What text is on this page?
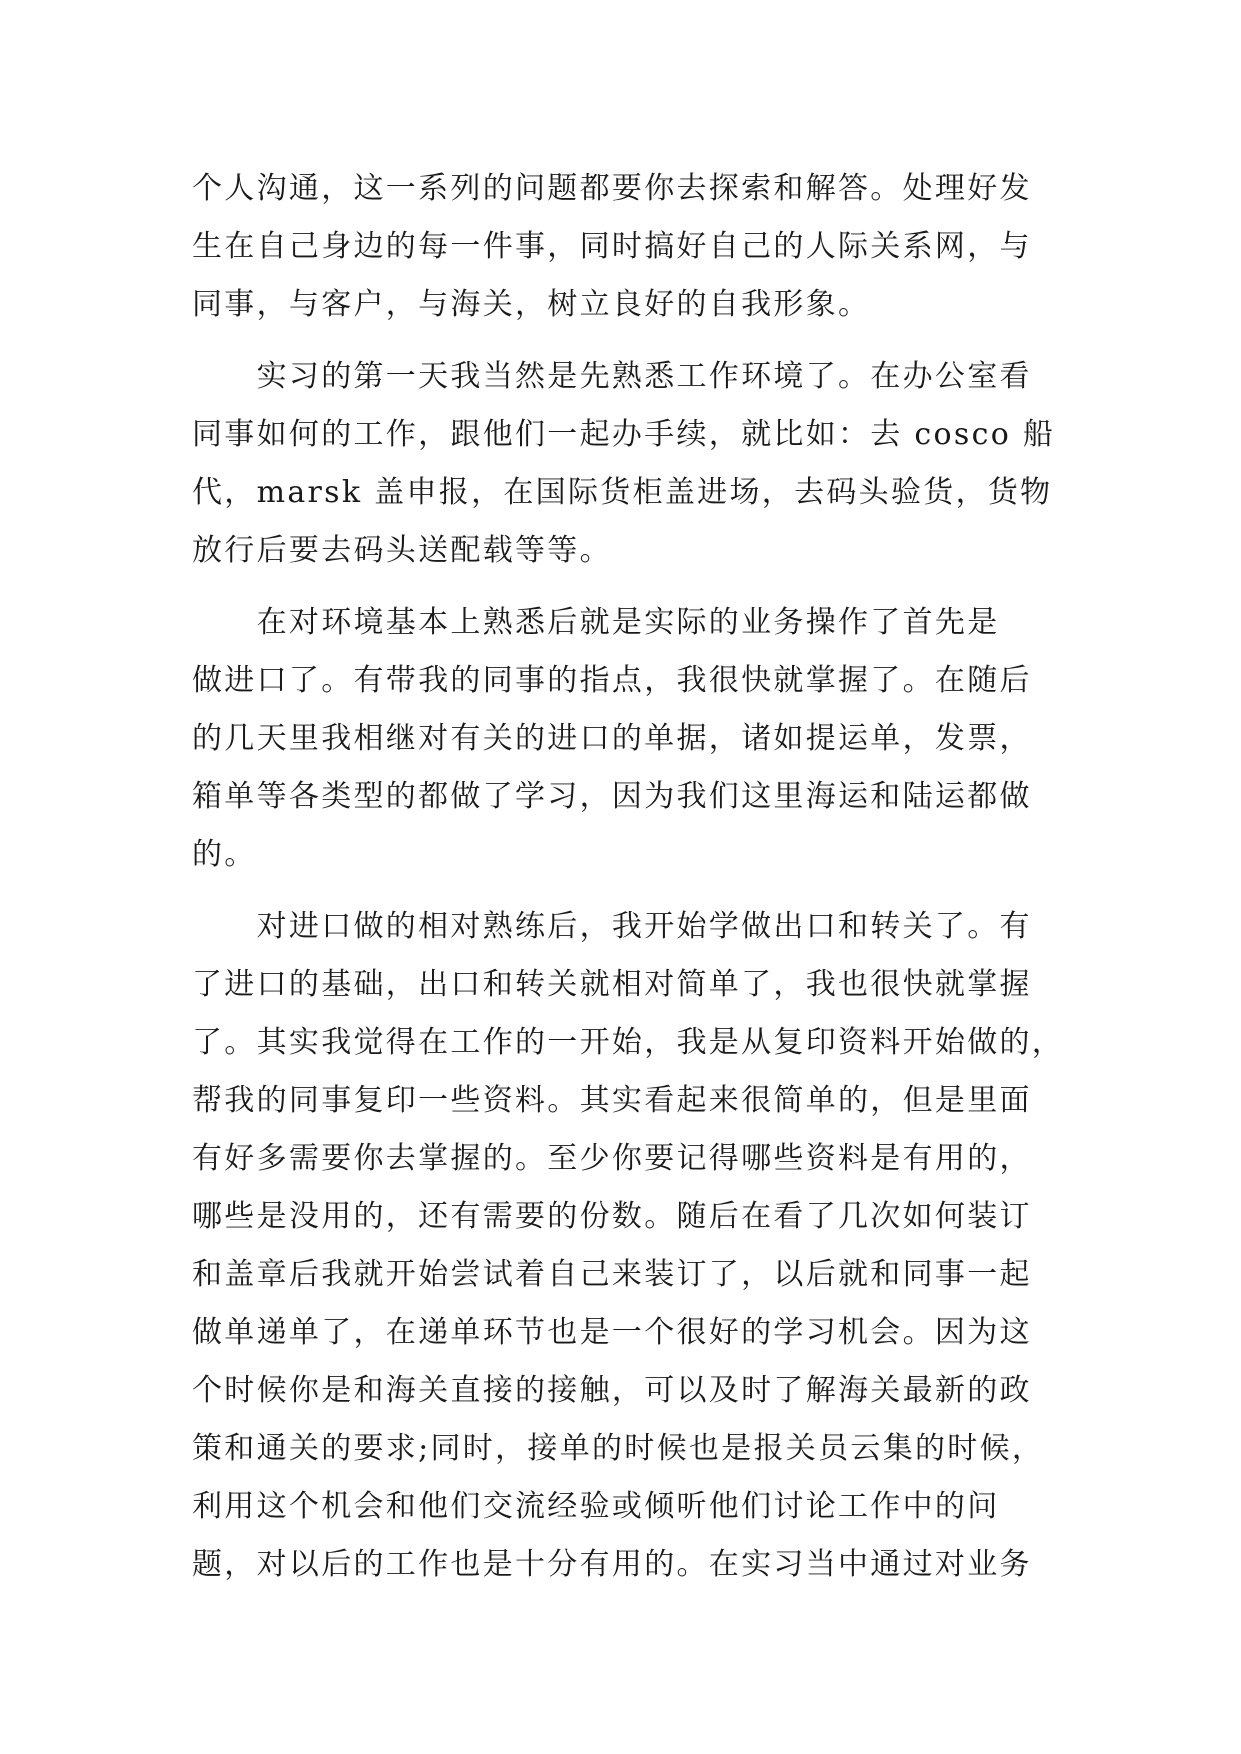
个人沟通，这一系列的问题都要你去探索和解答。处理好发
生在自己身边的每一件事，同时搞好自己的人际关系网，与
同事，与客户，与海关，树立良好的自我形象。
　　实习的第一天我当然是先熟悉工作环境了。在办公室看
同事如何的工作，跟他们一起办手续，就比如：去 cosco 船
代，marsk 盖申报，在国际货柜盖进场，去码头验货，货物
放行后要去码头送配载等等。
　　在对环境基本上熟悉后就是实际的业务操作了首先是
做进口了。有带我的同事的指点，我很快就掌握了。在随后
的几天里我相继对有关的进口的单据，诸如提运单，发票，
箱单等各类型的都做了学习，因为我们这里海运和陆运都做
的。
　　对进口做的相对熟练后，我开始学做出口和转关了。有
了进口的基础，出口和转关就相对简单了，我也很快就掌握
了。其实我觉得在工作的一开始，我是从复印资料开始做的，
帮我的同事复印一些资料。其实看起来很简单的，但是里面
有好多需要你去掌握的。至少你要记得哪些资料是有用的，
哪些是没用的，还有需要的份数。随后在看了几次如何装订
和盖章后我就开始尝试着自己来装订了，以后就和同事一起
做单递单了，在递单环节也是一个很好的学习机会。因为这
个时候你是和海关直接的接触，可以及时了解海关最新的政
策和通关的要求;同时，接单的时候也是报关员云集的时候，
利用这个机会和他们交流经验或倾听他们讨论工作中的问
题，对以后的工作也是十分有用的。在实习当中通过对业务
